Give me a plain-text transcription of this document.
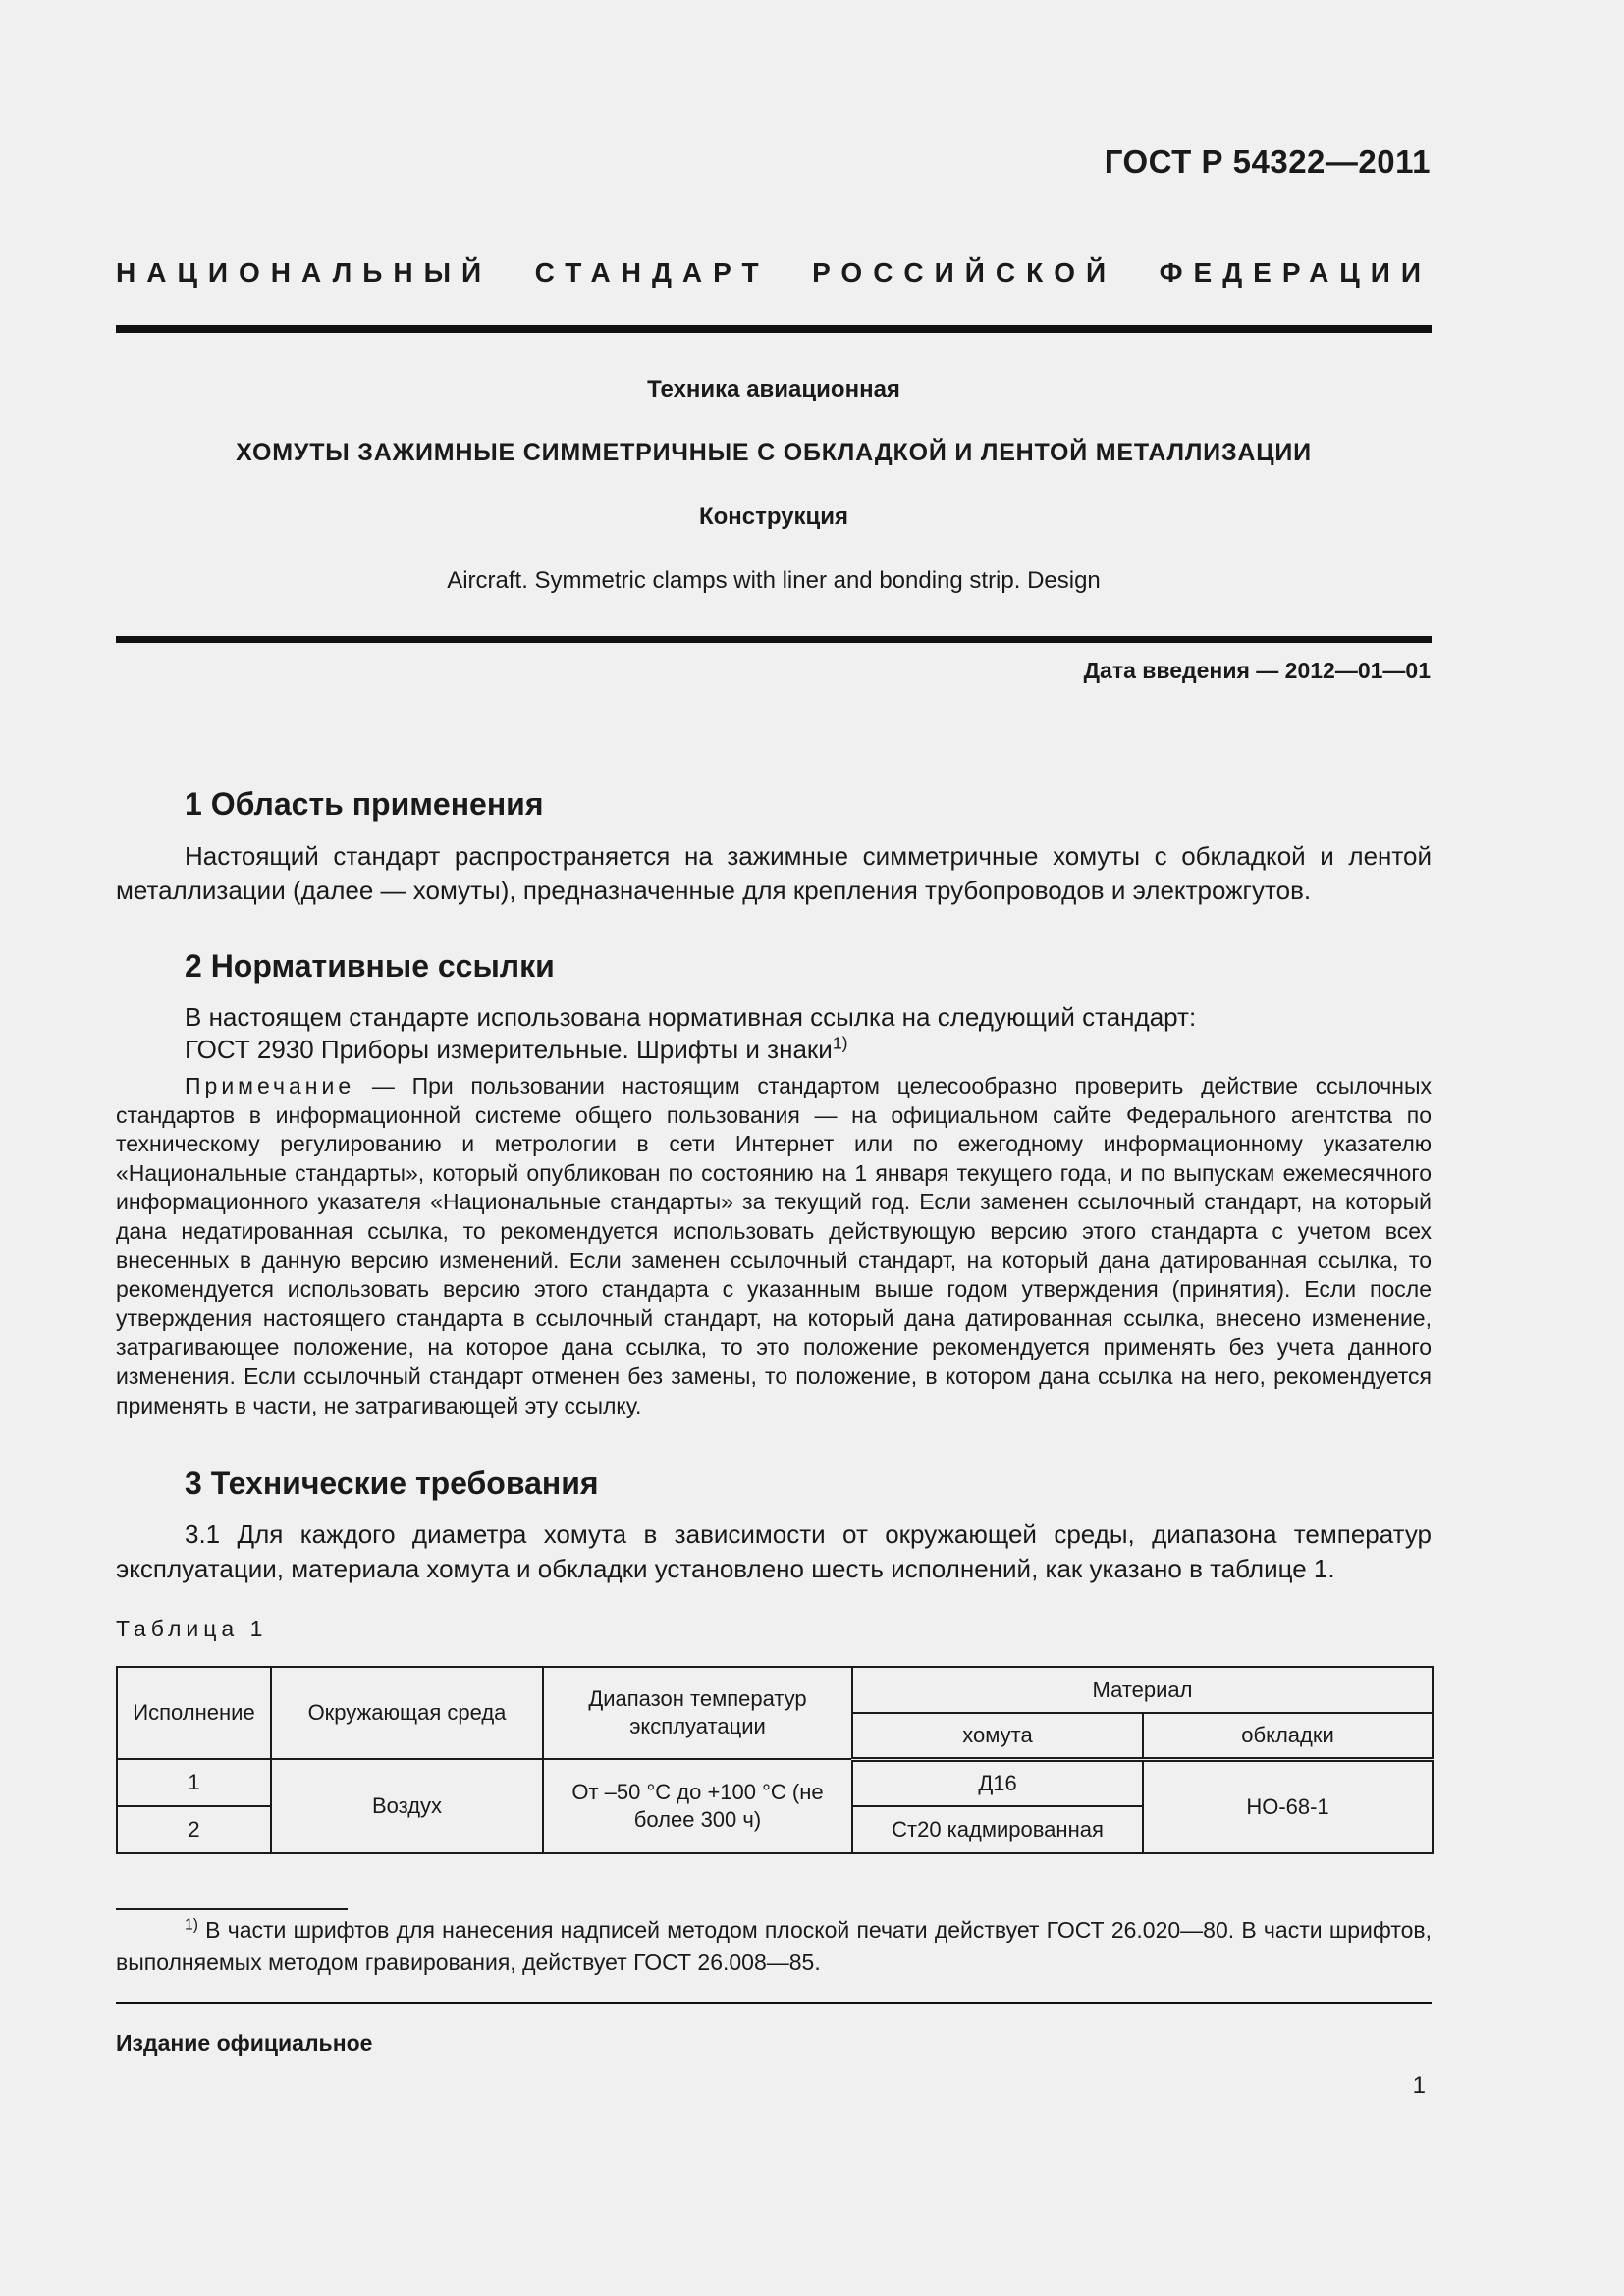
ГОСТ Р 54322—2011
НАЦИОНАЛЬНЫЙ СТАНДАРТ РОССИЙСКОЙ ФЕДЕРАЦИИ
Техника авиационная
ХОМУТЫ ЗАЖИМНЫЕ СИММЕТРИЧНЫЕ С ОБКЛАДКОЙ И ЛЕНТОЙ МЕТАЛЛИЗАЦИИ
Конструкция
Aircraft. Symmetric clamps with liner and bonding strip. Design
Дата введения — 2012—01—01
1 Область применения
Настоящий стандарт распространяется на зажимные симметричные хомуты с обкладкой и лентой металлизации (далее — хомуты), предназначенные для крепления трубопроводов и электрожгутов.
2 Нормативные ссылки
В настоящем стандарте использована нормативная ссылка на следующий стандарт:
ГОСТ 2930 Приборы измерительные. Шрифты и знаки$^{1)}$
Примечание — При пользовании настоящим стандартом целесообразно проверить действие ссылочных стандартов в информационной системе общего пользования — на официальном сайте Федерального агентства по техническому регулированию и метрологии в сети Интернет или по ежегодному информационному указателю «Национальные стандарты», который опубликован по состоянию на 1 января текущего года, и по выпускам ежемесячного информационного указателя «Национальные стандарты» за текущий год. Если заменен ссылочный стандарт, на который дана недатированная ссылка, то рекомендуется использовать действующую версию этого стандарта с учетом всех внесенных в данную версию изменений. Если заменен ссылочный стандарт, на который дана датированная ссылка, то рекомендуется использовать версию этого стандарта с указанным выше годом утверждения (принятия). Если после утверждения настоящего стандарта в ссылочный стандарт, на который дана датированная ссылка, внесено изменение, затрагивающее положение, на которое дана ссылка, то это положение рекомендуется применять без учета данного изменения. Если ссылочный стандарт отменен без замены, то положение, в котором дана ссылка на него, рекомендуется применять в части, не затрагивающей эту ссылку.
3 Технические требования
3.1 Для каждого диаметра хомута в зависимости от окружающей среды, диапазона температур эксплуатации, материала хомута и обкладки установлено шесть исполнений, как указано в таблице 1.
Таблица 1
Исполнение	Окружающая среда	Диапазон температур эксплуатации	Материал	
			хомута	обкладки
1	Воздух	От –50 °С до +100 °С (не более 300 ч)	Д16	НО-68-1
2			Ст20 кадмированная	
$^{1)}$ В части шрифтов для нанесения надписей методом плоской печати действует ГОСТ 26.020—80. В части шрифтов, выполняемых методом гравирования, действует ГОСТ 26.008—85.
Издание официальное
1
